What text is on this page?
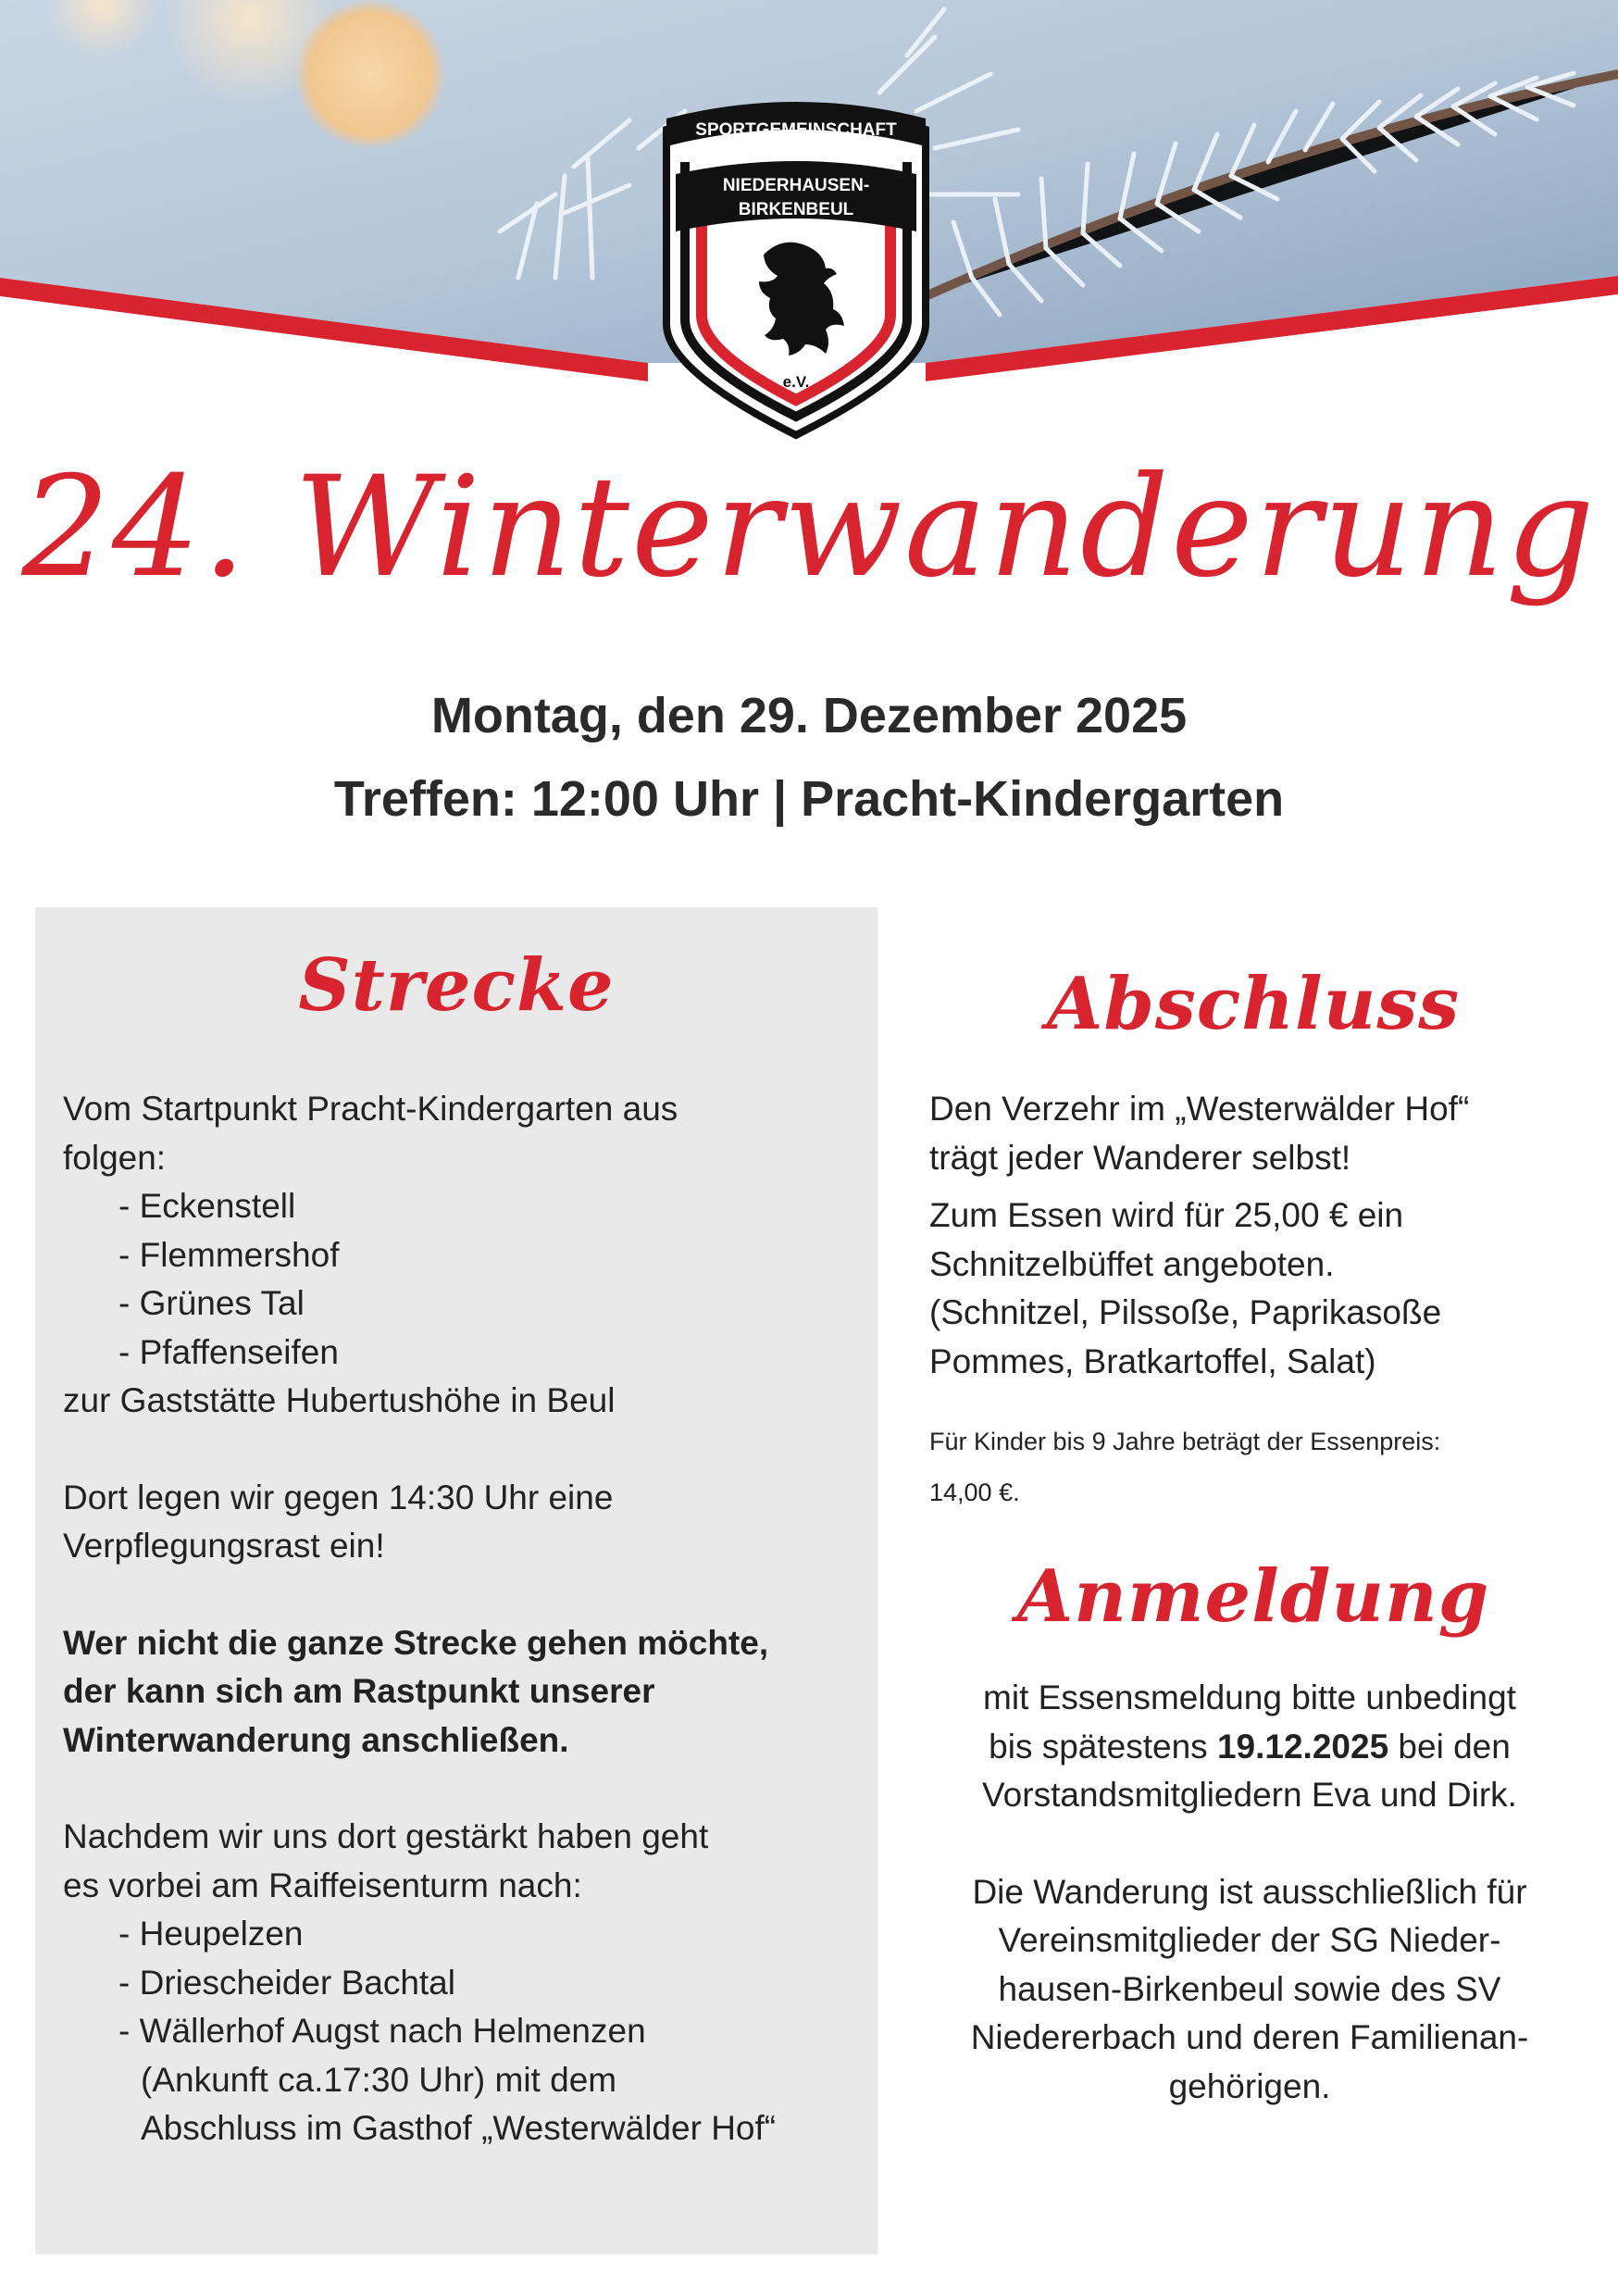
SPORTGEMEINSCHAFT
NIEDERHAUSEN-
BIRKENBEUL
e.V.
24. Winterwanderung
Montag, den 29. Dezember 2025
Treffen: 12:00 Uhr | Pracht-Kindergarten
Strecke
Vom Startpunkt Pracht-Kindergarten aus
folgen:
- Eckenstell
- Flemmershof
- Grünes Tal
- Pfaffenseifen
zur Gaststätte Hubertushöhe in Beul
Dort legen wir gegen 14:30 Uhr eine
Verpflegungsrast ein!
Wer nicht die ganze Strecke gehen möchte,
der kann sich am Rastpunkt unserer
Winterwanderung anschließen.
Nachdem wir uns dort gestärkt haben geht
es vorbei am Raiffeisenturm nach:
- Heupelzen
- Driescheider Bachtal
- Wällerhof Augst nach Helmenzen
(Ankunft ca.17:30 Uhr) mit dem
Abschluss im Gasthof „Westerwälder Hof“
Abschluss

Den Verzehr im „Westerwälder Hof“
trägt jeder Wanderer selbst!

Zum Essen wird für 25,00 € ein
Schnitzelbüffet angeboten.
(Schnitzel, Pilssoße, Paprikasoße
Pommes, Bratkartoffel, Salat)

Für Kinder bis 9 Jahre beträgt der Essenpreis:
14,00 €.
Anmeldung
mit Essensmeldung bitte unbedingt
bis spätestens 19.12.2025 bei den
Vorstandsmitgliedern Eva und Dirk.
Die Wanderung ist ausschließlich für
Vereinsmitglieder der SG Nieder-
hausen-Birkenbeul sowie des SV
Niedererbach und deren Familienan-
gehörigen.
